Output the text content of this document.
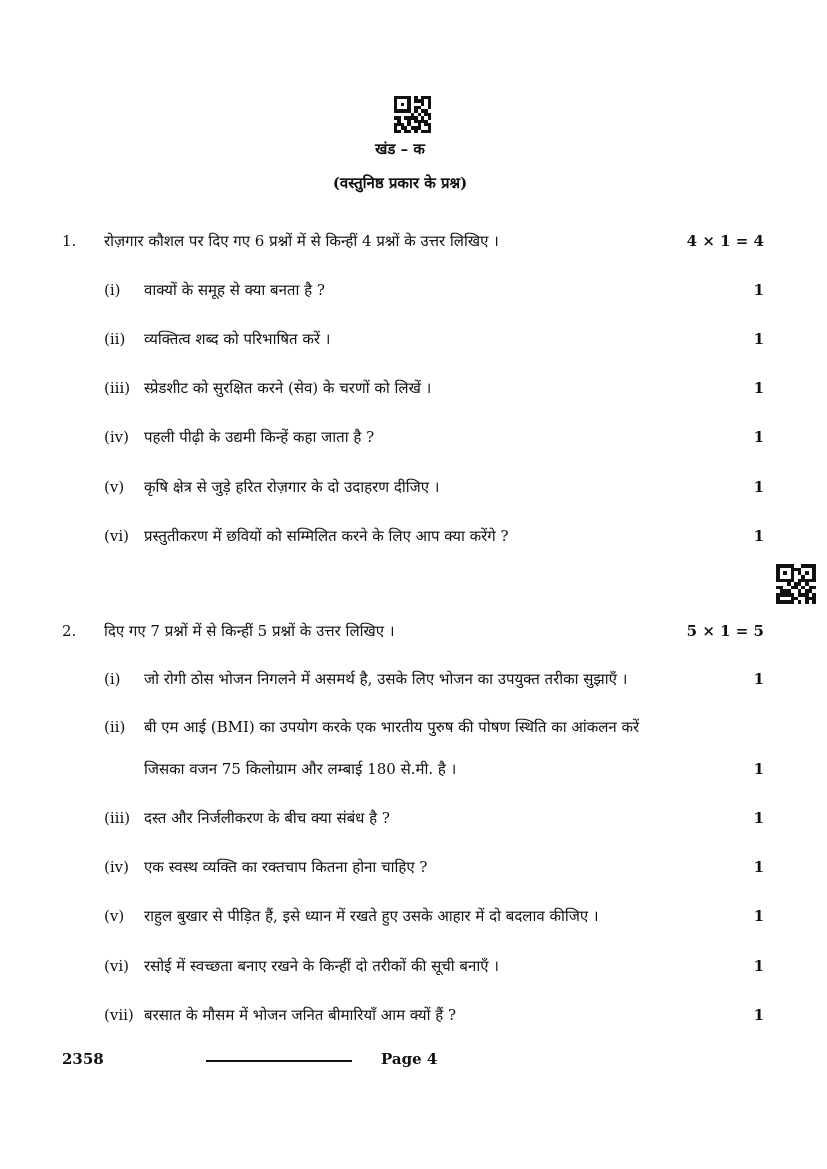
खंड – क
(वस्तुनिष्ठ प्रकार के प्रश्न)
1. रोज़गार कौशल पर दिए गए 6 प्रश्नों में से किन्हीं 4 प्रश्नों के उत्तर लिखिए ।	4 × 1 = 4
(i) वाक्यों के समूह से क्या बनता है ?	1
(ii) व्यक्तित्व शब्द को परिभाषित करें ।	1
(iii) स्प्रेडशीट को सुरक्षित करने (सेव) के चरणों को लिखें ।	1
(iv) पहली पीढ़ी के उद्यमी किन्हें कहा जाता है ?	1
(v) कृषि क्षेत्र से जुड़े हरित रोज़गार के दो उदाहरण दीजिए ।	1
(vi) प्रस्तुतीकरण में छवियों को सम्मिलित करने के लिए आप क्या करेंगे ?	1
2. दिए गए 7 प्रश्नों में से किन्हीं 5 प्रश्नों के उत्तर लिखिए ।	5 × 1 = 5
(i) जो रोगी ठोस भोजन निगलने में असमर्थ है, उसके लिए भोजन का उपयुक्त तरीका सुझाएँ ।	1
(ii) बी एम आई (BMI) का उपयोग करके एक भारतीय पुरुष की पोषण स्थिति का आंकलन करें
जिसका वजन 75 किलोग्राम और लम्बाई 180 से.मी. है ।	1
(iii) दस्त और निर्जलीकरण के बीच क्या संबंध है ?	1
(iv) एक स्वस्थ व्यक्ति का रक्तचाप कितना होना चाहिए ?	1
(v) राहुल बुखार से पीड़ित हैं, इसे ध्यान में रखते हुए उसके आहार में दो बदलाव कीजिए ।	1
(vi) रसोई में स्वच्छता बनाए रखने के किन्हीं दो तरीकों की सूची बनाएँ ।	1
(vii) बरसात के मौसम में भोजन जनित बीमारियाँ आम क्यों हैं ?	1
2358	Page 4
